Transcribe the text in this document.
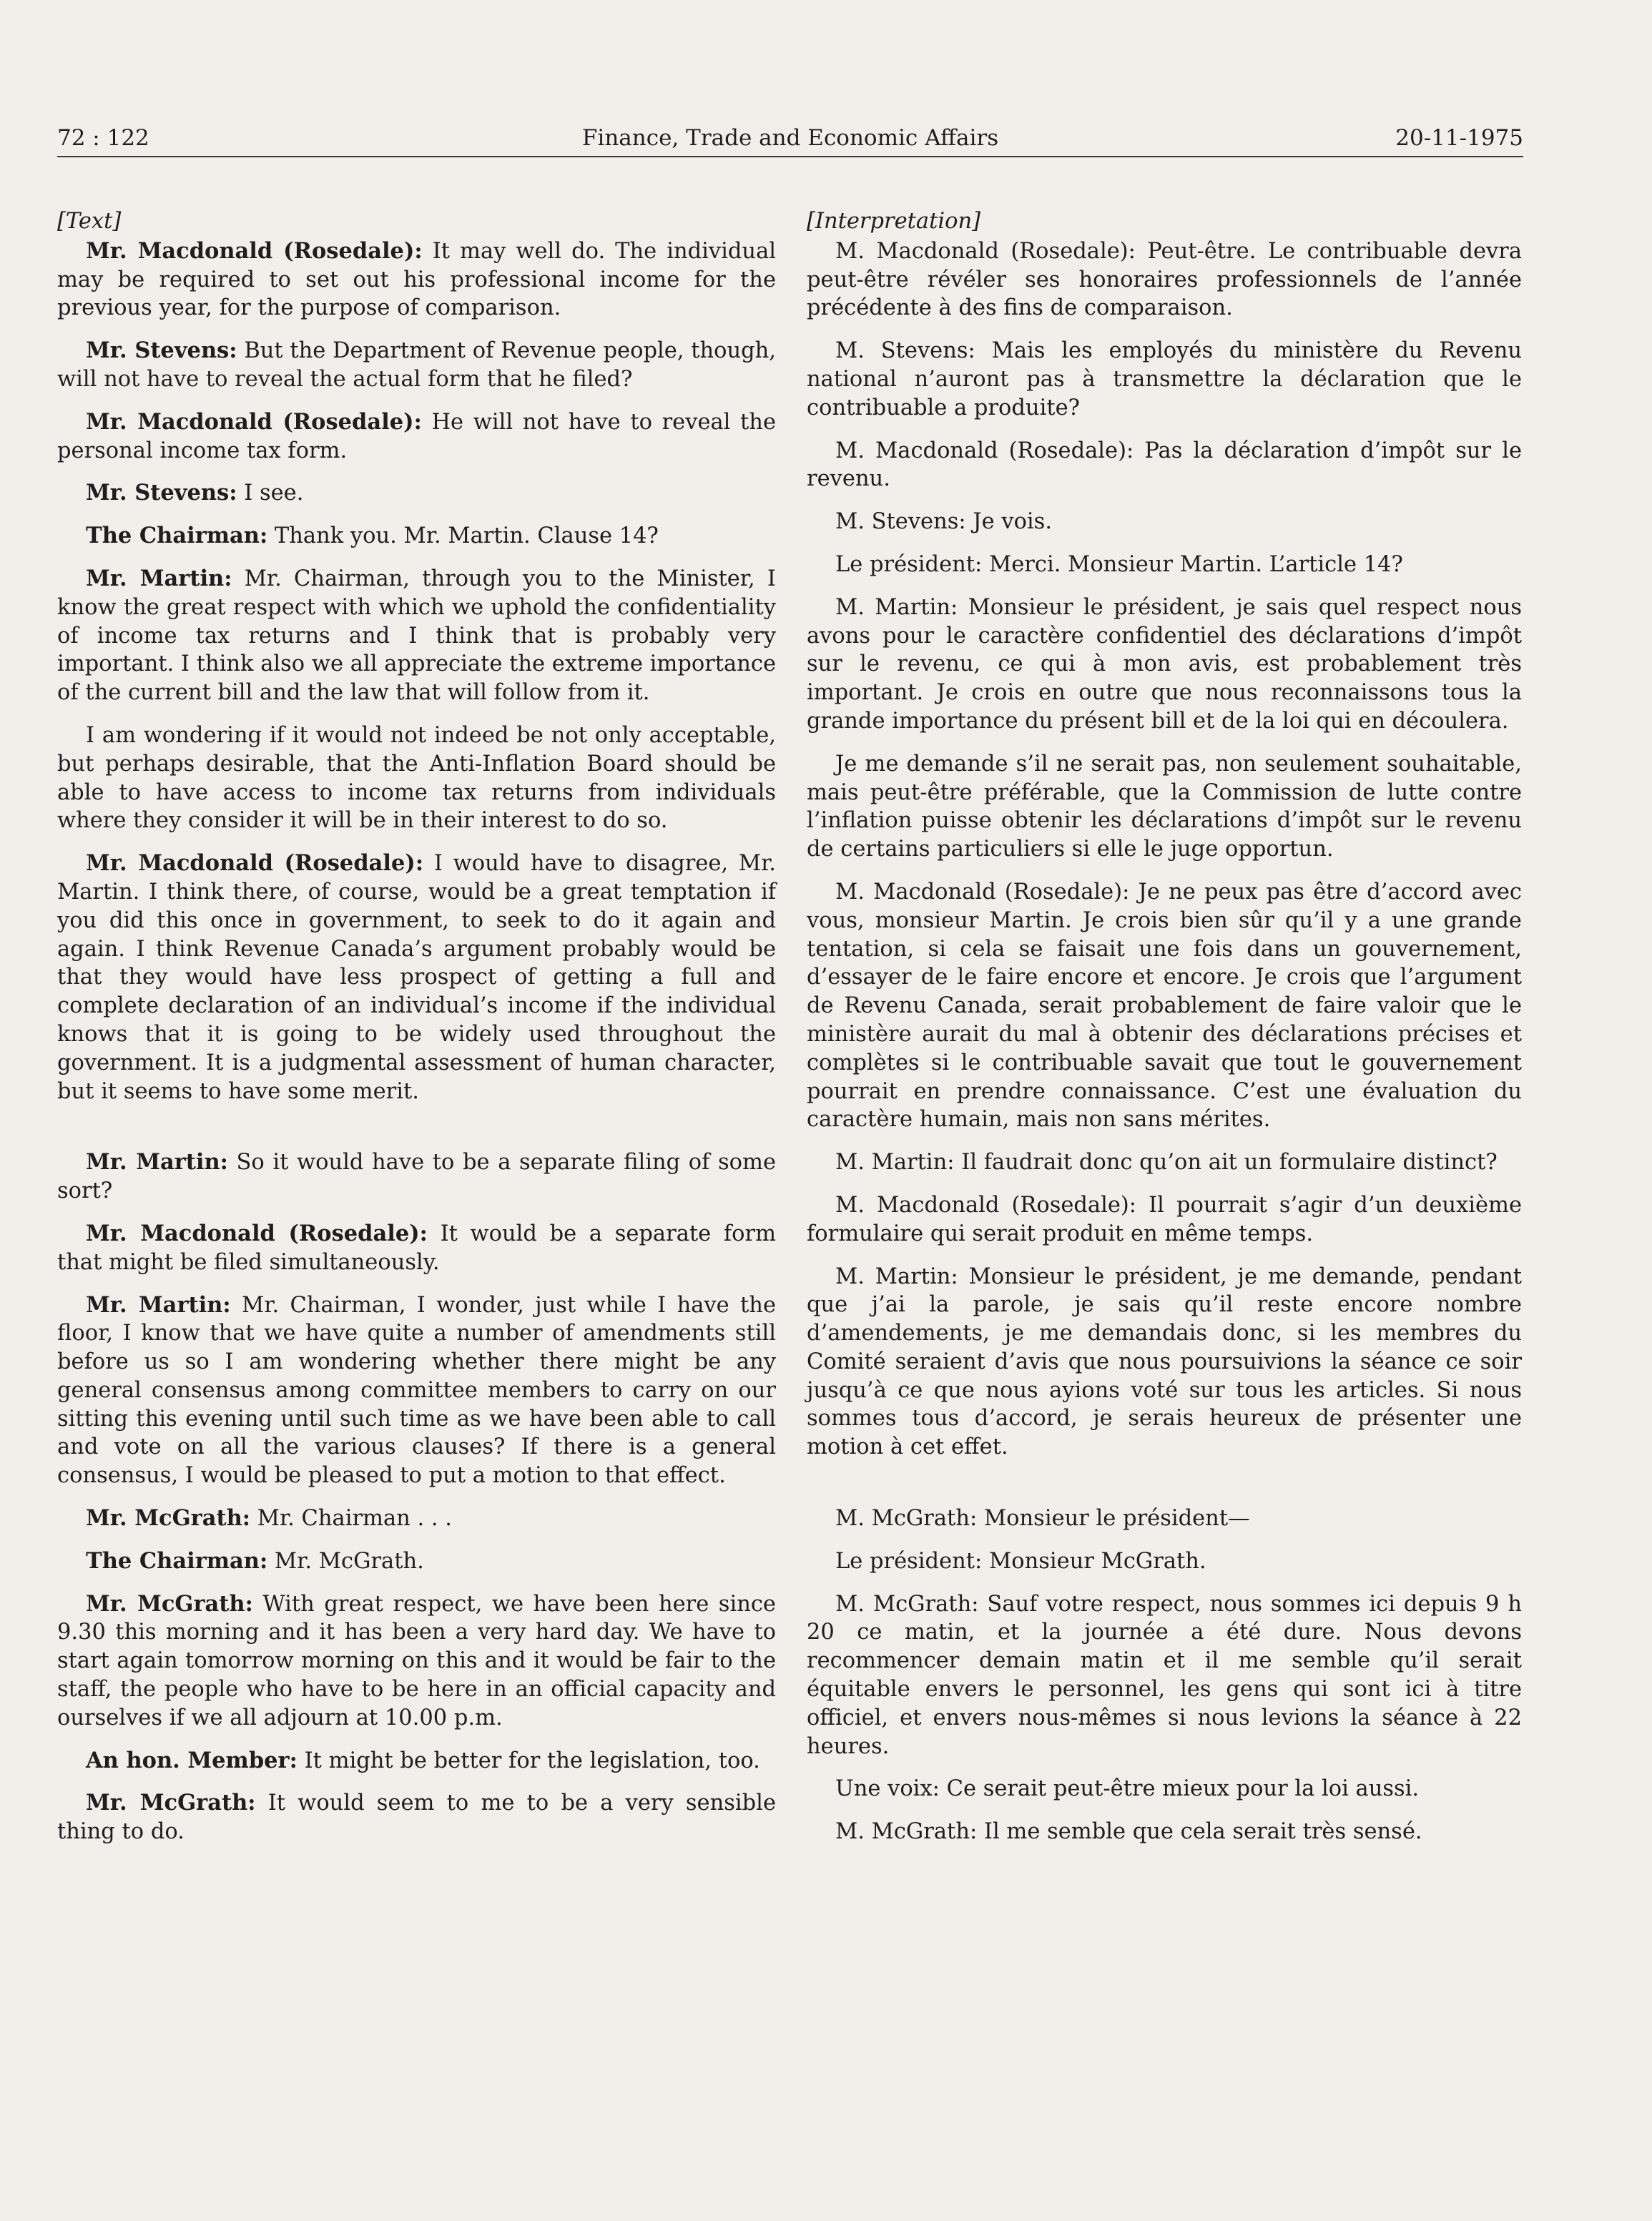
72 : 122	Finance, Trade and Economic Affairs	20-11-1975

[Text]

Mr. Macdonald (Rosedale): It may well do. The individual may be required to set out his professional income for the previous year, for the purpose of comparison.

Mr. Stevens: But the Department of Revenue people, though, will not have to reveal the actual form that he filed?

Mr. Macdonald (Rosedale): He will not have to reveal the personal income tax form.

Mr. Stevens: I see.

The Chairman: Thank you. Mr. Martin. Clause 14?

Mr. Martin: Mr. Chairman, through you to the Minister, I know the great respect with which we uphold the confidentiality of income tax returns and I think that is probably very important. I think also we all appreciate the extreme importance of the current bill and the law that will follow from it.

I am wondering if it would not indeed be not only acceptable, but perhaps desirable, that the Anti-Inflation Board should be able to have access to income tax returns from individuals where they consider it will be in their interest to do so.

Mr. Macdonald (Rosedale): I would have to disagree, Mr. Martin. I think there, of course, would be a great temptation if you did this once in government, to seek to do it again and again. I think Revenue Canada’s argument probably would be that they would have less prospect of getting a full and complete declaration of an individual’s income if the individual knows that it is going to be widely used throughout the government. It is a judgmental assessment of human character, but it seems to have some merit.

Mr. Martin: So it would have to be a separate filing of some sort?

Mr. Macdonald (Rosedale): It would be a separate form that might be filed simultaneously.

Mr. Martin: Mr. Chairman, I wonder, just while I have the floor, I know that we have quite a number of amendments still before us so I am wondering whether there might be any general consensus among committee members to carry on our sitting this evening until such time as we have been able to call and vote on all the various clauses? If there is a general consensus, I would be pleased to put a motion to that effect.

Mr. McGrath: Mr. Chairman . . .

The Chairman: Mr. McGrath.

Mr. McGrath: With great respect, we have been here since 9.30 this morning and it has been a very hard day. We have to start again tomorrow morning on this and it would be fair to the staff, the people who have to be here in an official capacity and ourselves if we all adjourn at 10.00 p.m.

An hon. Member: It might be better for the legislation, too.

Mr. McGrath: It would seem to me to be a very sensible thing to do.

[Interpretation]

M. Macdonald (Rosedale): Peut-être. Le contribuable devra peut-être révéler ses honoraires professionnels de l’année précédente à des fins de comparaison.

M. Stevens: Mais les employés du ministère du Revenu national n’auront pas à transmettre la déclaration que le contribuable a produite?

M. Macdonald (Rosedale): Pas la déclaration d’impôt sur le revenu.

M. Stevens: Je vois.

Le président: Merci. Monsieur Martin. L’article 14?

M. Martin: Monsieur le président, je sais quel respect nous avons pour le caractère confidentiel des déclarations d’impôt sur le revenu, ce qui à mon avis, est probablement très important. Je crois en outre que nous reconnaissons tous la grande importance du présent bill et de la loi qui en découlera.

Je me demande s’il ne serait pas, non seulement souhaitable, mais peut-être préférable, que la Commission de lutte contre l’inflation puisse obtenir les déclarations d’impôt sur le revenu de certains particuliers si elle le juge opportun.

M. Macdonald (Rosedale): Je ne peux pas être d’accord avec vous, monsieur Martin. Je crois bien sûr qu’il y a une grande tentation, si cela se faisait une fois dans un gouvernement, d’essayer de le faire encore et encore. Je crois que l’argument de Revenu Canada, serait probablement de faire valoir que le ministère aurait du mal à obtenir des déclarations précises et complètes si le contribuable savait que tout le gouvernement pourrait en prendre connaissance. C’est une évaluation du caractère humain, mais non sans mérites.

M. Martin: Il faudrait donc qu’on ait un formulaire distinct?

M. Macdonald (Rosedale): Il pourrait s’agir d’un deuxième formulaire qui serait produit en même temps.

M. Martin: Monsieur le président, je me demande, pendant que j’ai la parole, je sais qu’il reste encore nombre d’amendements, je me demandais donc, si les membres du Comité seraient d’avis que nous poursuivions la séance ce soir jusqu’à ce que nous ayions voté sur tous les articles. Si nous sommes tous d’accord, je serais heureux de présenter une motion à cet effet.

M. McGrath: Monsieur le président—

Le président: Monsieur McGrath.

M. McGrath: Sauf votre respect, nous sommes ici depuis 9 h 20 ce matin, et la journée a été dure. Nous devons recommencer demain matin et il me semble qu’il serait équitable envers le personnel, les gens qui sont ici à titre officiel, et envers nous-mêmes si nous levions la séance à 22 heures.

Une voix: Ce serait peut-être mieux pour la loi aussi.

M. McGrath: Il me semble que cela serait très sensé.
